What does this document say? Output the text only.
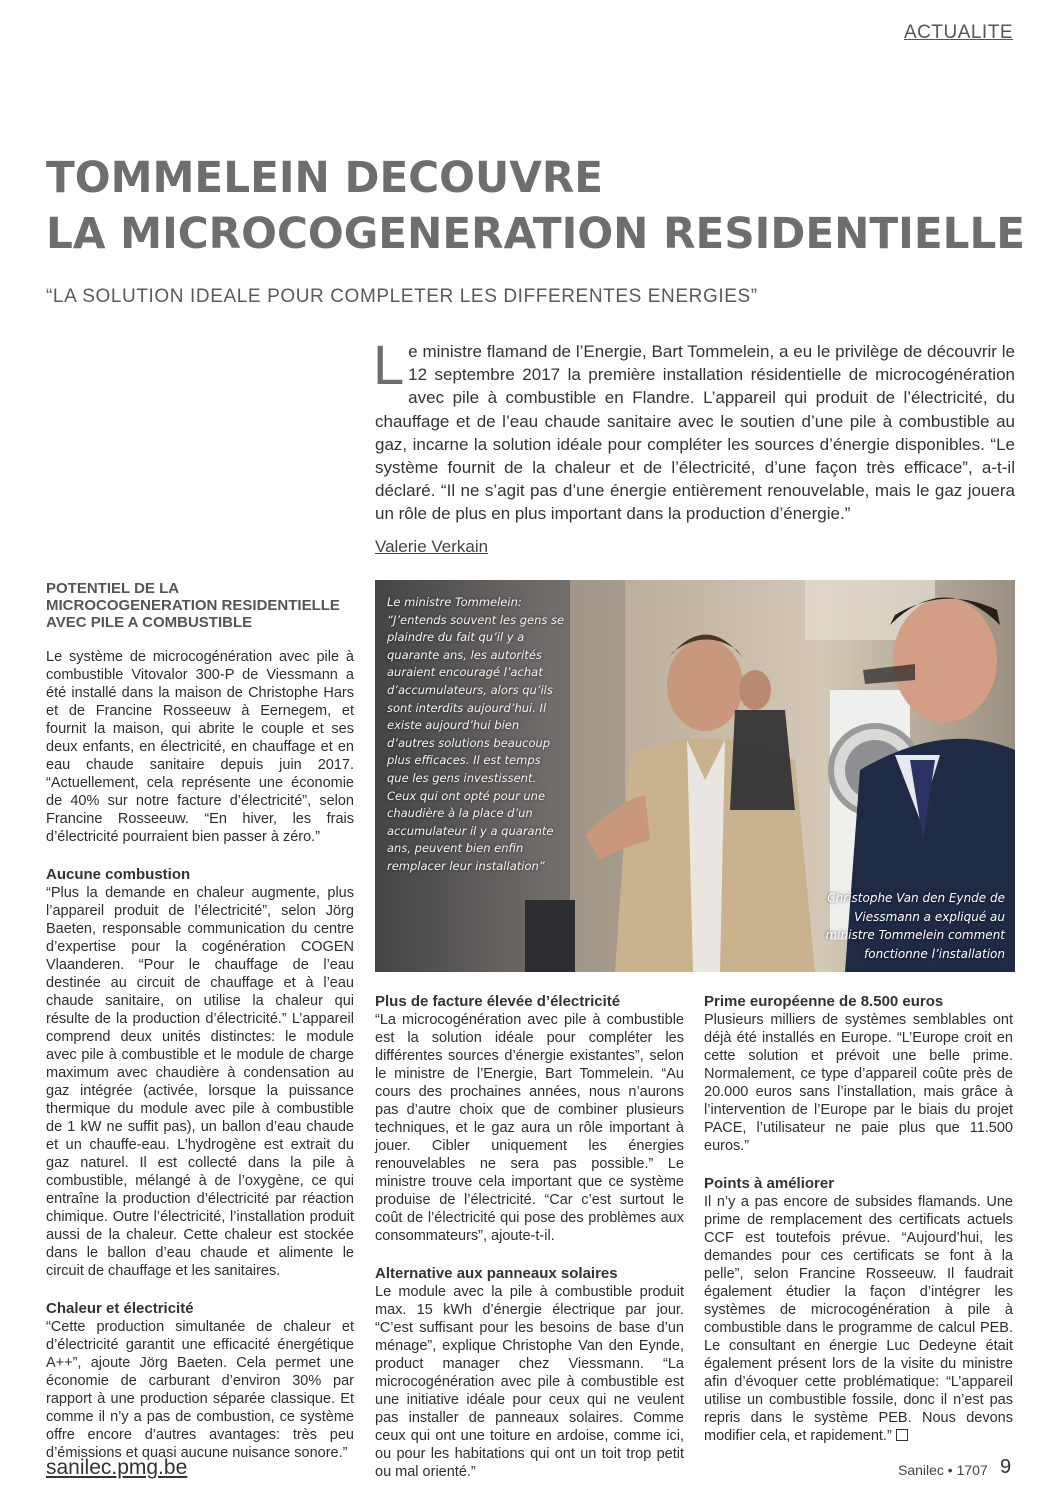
ACTUALITE
TOMMELEIN DECOUVRE
LA MICROCOGENERATION RESIDENTIELLE
“LA SOLUTION IDEALE POUR COMPLETER LES DIFFERENTES ENERGIES”

Le ministre flamand de l’Energie, Bart Tommelein, a eu le privilège de découvrir le 12 septembre 2017 la première installation résidentielle de microcogénération avec pile à combustible en Flandre. L’appareil qui produit de l’électricité, du chauffage et de l’eau chaude sanitaire avec le soutien d’une pile à combustible au gaz, incarne la solution idéale pour compléter les sources d’énergie disponibles. “Le système fournit de la chaleur et de l’électricité, d’une façon très efficace”, a-t-il déclaré. “Il ne s’agit pas d’une énergie entièrement renouvelable, mais le gaz jouera un rôle de plus en plus important dans la production d’énergie.”

Valerie Verkain
POTENTIEL DE LA MICROCOGENERATION RESIDENTIELLE AVEC PILE A COMBUSTIBLE

Le système de microcogénération avec pile à combustible Vitovalor 300-P de Viessmann a été installé dans la maison de Christophe Hars et de Francine Rosseeuw à Eernegem, et fournit la maison, qui abrite le couple et ses deux enfants, en électricité, en chauffage et en eau chaude sanitaire depuis juin 2017. “Actuellement, cela représente une économie de 40% sur notre facture d’électricité”, selon Francine Rosseeuw. “En hiver, les frais d’électricité pourraient bien passer à zéro.”

Aucune combustion

“Plus la demande en chaleur augmente, plus l’appareil produit de l’électricité”, selon Jörg Baeten, responsable communication du centre d’expertise pour la cogénération COGEN Vlaanderen. “Pour le chauffage de l’eau destinée au circuit de chauffage et à l’eau chaude sanitaire, on utilise la chaleur qui résulte de la production d’électricité.” L’appareil comprend deux unités distinctes: le module avec pile à combustible et le module de charge maximum avec chaudière à condensation au gaz intégrée (activée, lorsque la puissance thermique du module avec pile à combustible de 1 kW ne suffit pas), un ballon d’eau chaude et un chauffe-eau. L’hydrogène est extrait du gaz naturel. Il est collecté dans la pile à combustible, mélangé à de l’oxygène, ce qui entraîne la production d’électricité par réaction chimique. Outre l’électricité, l’installation produit aussi de la chaleur. Cette chaleur est stockée dans le ballon d’eau chaude et alimente le circuit de chauffage et les sanitaires.

Chaleur et électricité

“Cette production simultanée de chaleur et d’électricité garantit une efficacité énergétique A++”, ajoute Jörg Baeten. Cela permet une économie de carburant d’environ 30% par rapport à une production séparée classique. Et comme il n’y a pas de combustion, ce système offre encore d’autres avantages: très peu d’émissions et quasi aucune nuisance sonore.”

Le ministre Tommelein: “J’entends souvent les gens se plaindre du fait qu’il y a quarante ans, les autorités auraient encouragé l’achat d’accumulateurs, alors qu’ils sont interdits aujourd’hui. Il existe aujourd’hui bien d’autres solutions beaucoup plus efficaces. Il est temps que les gens investissent. Ceux qui ont opté pour une chaudière à la place d’un accumulateur il y a quarante ans, peuvent bien enfin remplacer leur installation”
Christophe Van den Eynde de Viessmann a expliqué au ministre Tommelein comment fonctionne l’installation
Plus de facture élevée d’électricité

“La microcogénération avec pile à combustible est la solution idéale pour compléter les différentes sources d’énergie existantes”, selon le ministre de l’Energie, Bart Tommelein. “Au cours des prochaines années, nous n’aurons pas d’autre choix que de combiner plusieurs techniques, et le gaz aura un rôle important à jouer. Cibler uniquement les énergies renouvelables ne sera pas possible.” Le ministre trouve cela important que ce système produise de l’électricité. “Car c’est surtout le coût de l’électricité qui pose des problèmes aux consommateurs”, ajoute-t-il.

Alternative aux panneaux solaires

Le module avec la pile à combustible produit max. 15 kWh d’énergie électrique par jour. “C’est suffisant pour les besoins de base d’un ménage”, explique Christophe Van den Eynde, product manager chez Viessmann. “La microcogénération avec pile à combustible est une initiative idéale pour ceux qui ne veulent pas installer de panneaux solaires. Comme ceux qui ont une toiture en ardoise, comme ici, ou pour les habitations qui ont un toit trop petit ou mal orienté.”

Prime européenne de 8.500 euros

Plusieurs milliers de systèmes semblables ont déjà été installés en Europe. “L’Europe croit en cette solution et prévoit une belle prime. Normalement, ce type d’appareil coûte près de 20.000 euros sans l’installation, mais grâce à l’intervention de l’Europe par le biais du projet PACE, l’utilisateur ne paie plus que 11.500 euros.”

Points à améliorer

Il n’y a pas encore de subsides flamands. Une prime de remplacement des certificats actuels CCF est toutefois prévue. “Aujourd’hui, les demandes pour ces certificats se font à la pelle”, selon Francine Rosseeuw. Il faudrait également étudier la façon d’intégrer les systèmes de microcogénération à pile à combustible dans le programme de calcul PEB. Le consultant en énergie Luc Dedeyne était également présent lors de la visite du ministre afin d’évoquer cette problématique: “L’appareil utilise un combustible fossile, donc il n’est pas repris dans le système PEB. Nous devons modifier cela, et rapidement.”

sanilec.pmg.be	Sanilec • 1707 9
